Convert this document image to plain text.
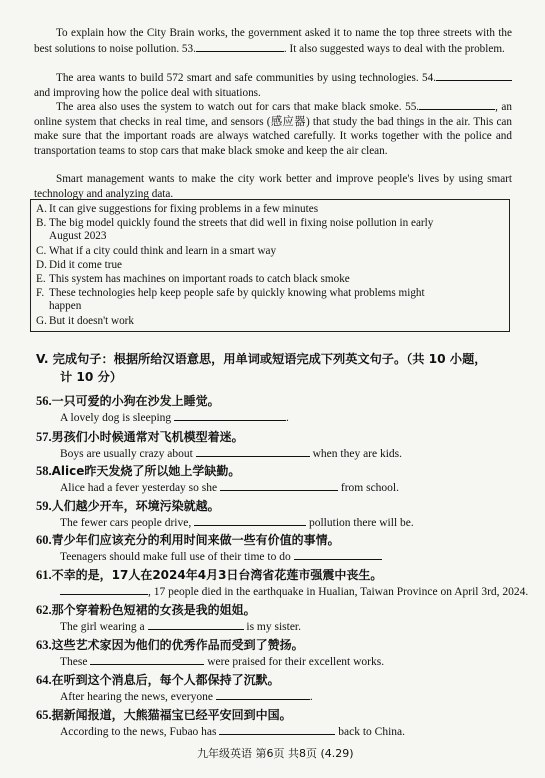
To explain how the City Brain works, the government asked it to name the top three streets with the best solutions to noise pollution. 53.	. It also suggested ways to deal with the problem.
The area wants to build 572 smart and safe communities by using technologies. 54. and improving how the police deal with situations.
The area also uses the system to watch out for cars that make black smoke. 55.	, an online system that checks in real time, and sensors (感应器) that study the bad things in the air. This can make sure that the important roads are always watched carefully. It works together with the police and transportation teams to stop cars that make black smoke and keep the air clean.
Smart management wants to make the city work better and improve people's lives by using smart technology and analyzing data.
A. It can give suggestions for fixing problems in a few minutes
B. The big model quickly found the streets that did well in fixing noise pollution in early
August 2023
C. What if a city could think and learn in a smart way
D. Did it come true
E. This system has machines on important roads to catch black smoke
F. These technologies help keep people safe by quickly knowing what problems might
happen
G. But it doesn't work
V. 完成句子：根据所给汉语意思，用单词或短语完成下列英文句子。（共 10 小题，
计 10 分）
56.一只可爱的小狗在沙发上睡觉。
A lovely dog is sleeping	.
57.男孩们小时候通常对飞机模型着迷。
Boys are usually crazy about	when they are kids.
58.Alice昨天发烧了所以她上学缺勤。
Alice had a fever yesterday so she	from school.
59.人们越少开车，环境污染就越。
The fewer cars people drive,	pollution there will be.
60.青少年们应该充分的利用时间来做一些有价值的事情。
Teenagers should make full use of their time to do
61.不幸的是，17人在2024年4月3日台湾省花莲市强震中丧生。
, 17 people died in the earthquake in Hualian, Taiwan Province on April 3rd, 2024.
62.那个穿着粉色短裙的女孩是我的姐姐。
The girl wearing a	is my sister.
63.这些艺术家因为他们的优秀作品而受到了赞扬。
These	were praised for their excellent works.
64.在听到这个消息后，每个人都保持了沉默。
After hearing the news, everyone	.
65.据新闻报道，大熊猫福宝已经平安回到中国。
According to the news, Fubao has	back to China.
九年级英语 第6页 共8页 (4.29)
